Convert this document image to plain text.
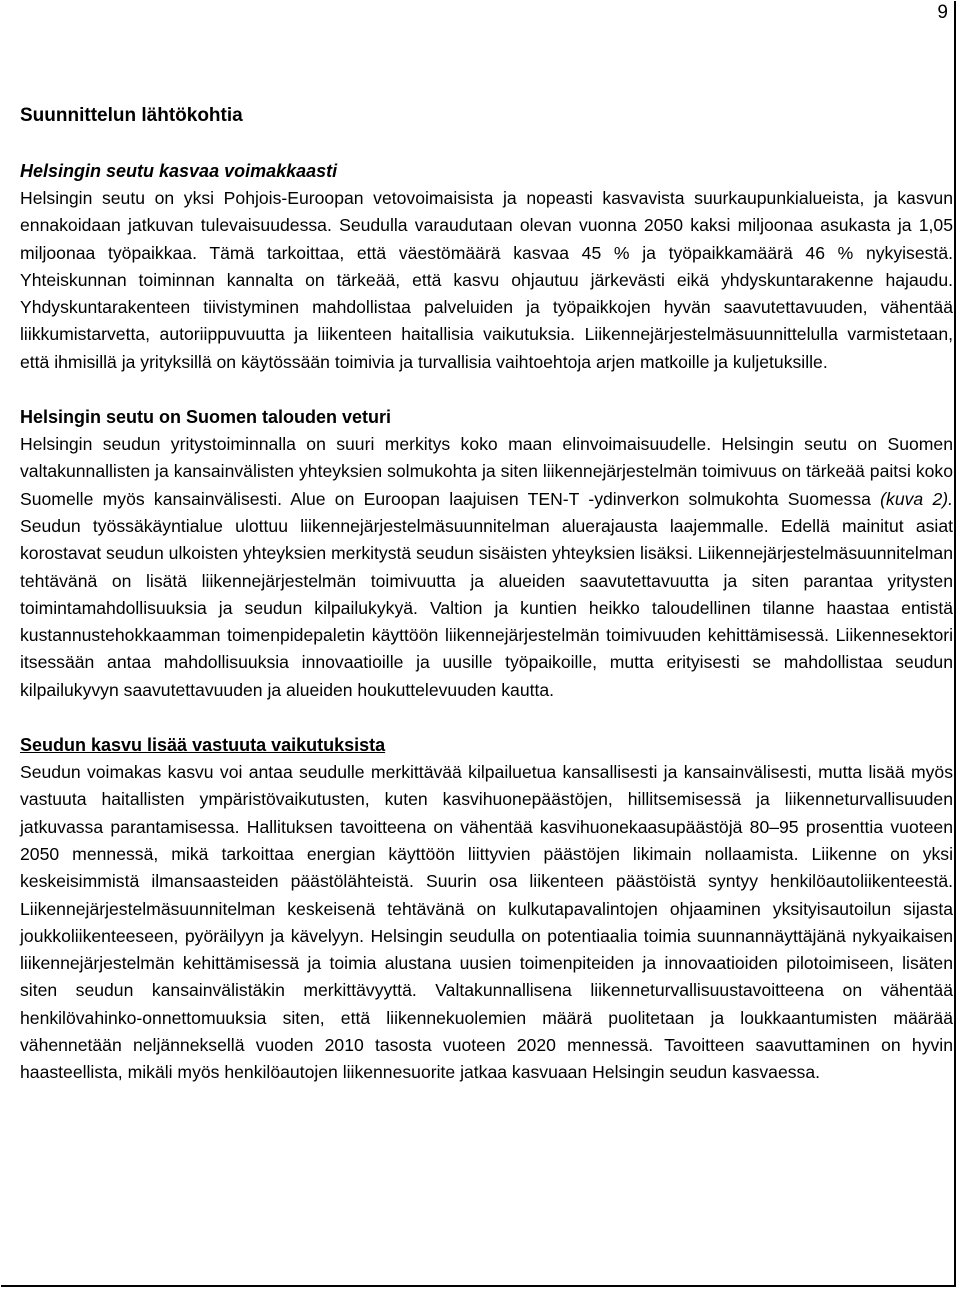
9
Suunnittelun lähtökohtia
Helsingin seutu kasvaa voimakkaasti
Helsingin seutu on yksi Pohjois-Euroopan vetovoimaisista ja nopeasti kasvavista suurkaupunkialueista, ja kasvun ennakoidaan jatkuvan tulevaisuudessa. Seudulla varaudutaan olevan vuonna 2050 kaksi miljoonaa asukasta ja 1,05 miljoonaa työpaikkaa. Tämä tarkoittaa, että väestömäärä kasvaa 45 % ja työpaikkamäärä 46 % nykyisestä. Yhteiskunnan toiminnan kannalta on tärkeää, että kasvu ohjautuu järkevästi eikä yhdyskuntarakenne hajaudu. Yhdyskuntarakenteen tiivistyminen mahdollistaa palveluiden ja työpaikkojen hyvän saavutettavuuden, vähentää liikkumistarvetta, autoriippuvuutta ja liikenteen haitallisia vaikutuksia. Liikennejärjestelmäsuunnittelulla varmistetaan, että ihmisillä ja yrityksillä on käytössään toimivia ja turvallisia vaihtoehtoja arjen matkoille ja kuljetuksille.
Helsingin seutu on Suomen talouden veturi
Helsingin seudun yritystoiminnalla on suuri merkitys koko maan elinvoimaisuudelle. Helsingin seutu on Suomen valtakunnallisten ja kansainvälisten yhteyksien solmukohta ja siten liikennejärjestelmän toimivuus on tärkeää paitsi koko Suomelle myös kansainvälisesti. Alue on Euroopan laajuisen TEN-T -ydinverkon solmukohta Suomessa (kuva 2). Seudun työssäkäyntialue ulottuu liikennejärjestelmäsuunnitelman aluerajausta laajemmalle. Edellä mainitut asiat korostavat seudun ulkoisten yhteyksien merkitystä seudun sisäisten yhteyksien lisäksi. Liikennejärjestelmäsuunnitelman tehtävänä on lisätä liikennejärjestelmän toimivuutta ja alueiden saavutettavuutta ja siten parantaa yritysten toimintamahdollisuuksia ja seudun kilpailukykyä. Valtion ja kuntien heikko taloudellinen tilanne haastaa entistä kustannustehokkaamman toimenpidepaletin käyttöön liikennejärjestelmän toimivuuden kehittämisessä. Liikennesektori itsessään antaa mahdollisuuksia innovaatioille ja uusille työpaikoille, mutta erityisesti se mahdollistaa seudun kilpailukyvyn saavutettavuuden ja alueiden houkuttelevuuden kautta.
Seudun kasvu lisää vastuuta vaikutuksista
Seudun voimakas kasvu voi antaa seudulle merkittävää kilpailuetua kansallisesti ja kansainvälisesti, mutta lisää myös vastuuta haitallisten ympäristövaikutusten, kuten kasvihuonepäästöjen, hillitsemisessä ja liikenneturvallisuuden jatkuvassa parantamisessa. Hallituksen tavoitteena on vähentää kasvihuonekaasupäästöjä 80–95 prosenttia vuoteen 2050 mennessä, mikä tarkoittaa energian käyttöön liittyvien päästöjen likimain nollaamista. Liikenne on yksi keskeisimmistä ilmansaasteiden päästölähteistä. Suurin osa liikenteen päästöistä syntyy henkilöautoliikenteestä. Liikennejärjestelmäsuunnitelman keskeisenä tehtävänä on kulkutapavalintojen ohjaaminen yksityisautoilun sijasta joukkoliikenteeseen, pyöräilyyn ja kävelyyn. Helsingin seudulla on potentiaalia toimia suunnannäyttäjänä nykyaikaisen liikennejärjestelmän kehittämisessä ja toimia alustana uusien toimenpiteiden ja innovaatioiden pilotoimiseen, lisäten siten seudun kansainvälistäkin merkittävyyttä. Valtakunnallisena liikenneturvallisuustavoitteena on vähentää henkilövahinko-onnettomuuksia siten, että liikennekuolemien määrä puolitetaan ja loukkaantumisten määrää vähennetään neljänneksellä vuoden 2010 tasosta vuoteen 2020 mennessä. Tavoitteen saavuttaminen on hyvin haasteellista, mikäli myös henkilöautojen liikennesuorite jatkaa kasvuaan Helsingin seudun kasvaessa.
